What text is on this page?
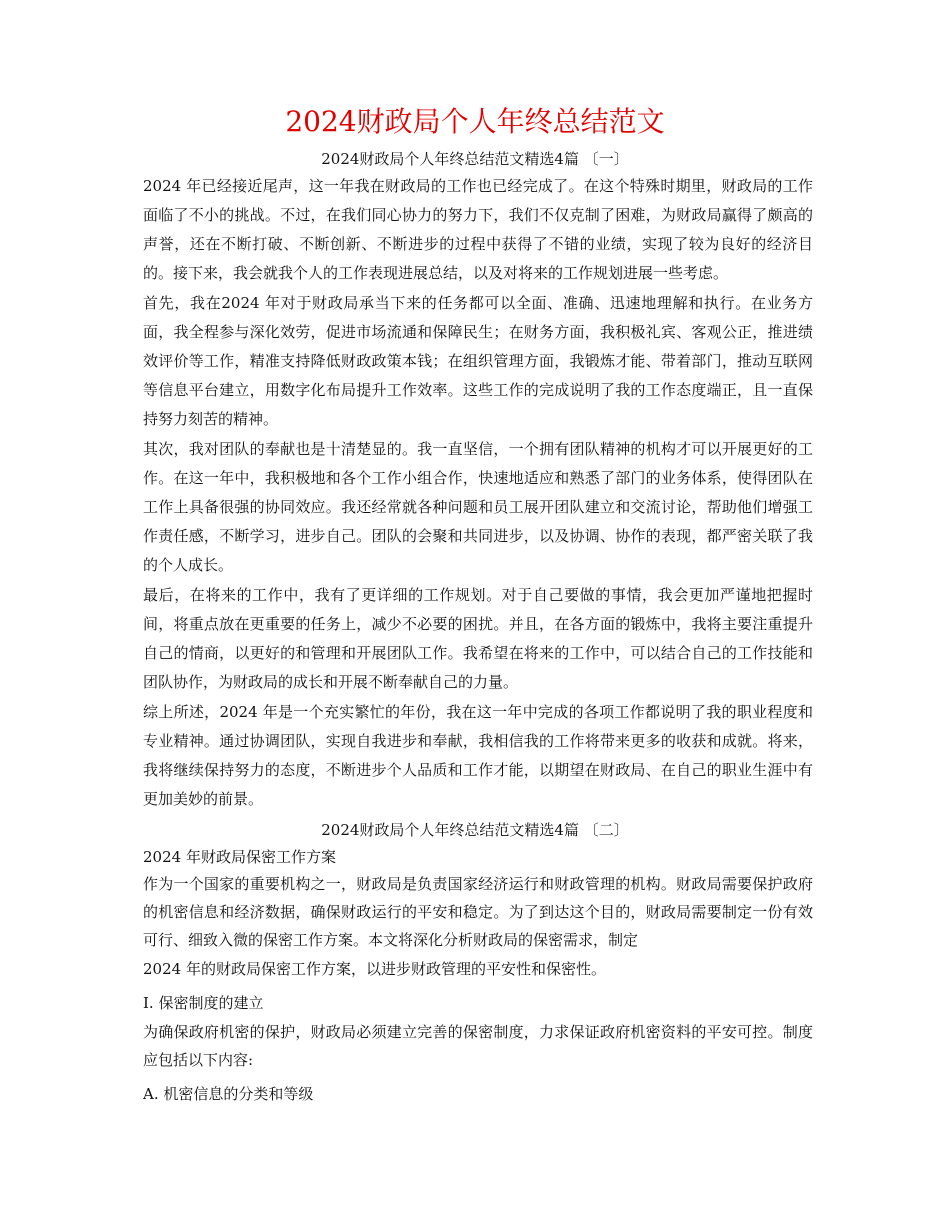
2024财政局个人年终总结范文
2024财政局个人年终总结范文精选4篇 〔一〕

2024 年已经接近尾声，这一年我在财政局的工作也已经完成了。在这个特殊时期里，财政局的工作面临了不小的挑战。不过，在我们同心协力的努力下，我们不仅克制了困难，为财政局赢得了颇高的声誉，还在不断打破、不断创新、不断进步的过程中获得了不错的业绩，实现了较为良好的经济目的。接下来，我会就我个人的工作表现进展总结，以及对将来的工作规划进展一些考虑。

首先，我在2024 年对于财政局承当下来的任务都可以全面、准确、迅速地理解和执行。在业务方面，我全程参与深化效劳，促进市场流通和保障民生；在财务方面，我积极礼宾、客观公正，推进绩效评价等工作，精准支持降低财政政策本钱；在组织管理方面，我锻炼才能、带着部门，推动互联网等信息平台建立，用数字化布局提升工作效率。这些工作的完成说明了我的工作态度端正，且一直保持努力刻苦的精神。

其次，我对团队的奉献也是十清楚显的。我一直坚信，一个拥有团队精神的机构才可以开展更好的工作。在这一年中，我积极地和各个工作小组合作，快速地适应和熟悉了部门的业务体系，使得团队在工作上具备很强的协同效应。我还经常就各种问题和员工展开团队建立和交流讨论，帮助他们增强工作责任感，不断学习，进步自己。团队的会聚和共同进步，以及协调、协作的表现，都严密关联了我的个人成长。

最后，在将来的工作中，我有了更详细的工作规划。对于自己要做的事情，我会更加严谨地把握时间，将重点放在更重要的任务上，减少不必要的困扰。并且，在各方面的锻炼中，我将主要注重提升自己的情商，以更好的和管理和开展团队工作。我希望在将来的工作中，可以结合自己的工作技能和团队协作，为财政局的成长和开展不断奉献自己的力量。

综上所述，2024 年是一个充实繁忙的年份，我在这一年中完成的各项工作都说明了我的职业程度和专业精神。通过协调团队，实现自我进步和奉献，我相信我的工作将带来更多的收获和成就。将来，我将继续保持努力的态度，不断进步个人品质和工作才能，以期望在财政局、在自己的职业生涯中有更加美妙的前景。

2024财政局个人年终总结范文精选4篇 〔二〕

2024 年财政局保密工作方案

作为一个国家的重要机构之一，财政局是负责国家经济运行和财政管理的机构。财政局需要保护政府的机密信息和经济数据，确保财政运行的平安和稳定。为了到达这个目的，财政局需要制定一份有效可行、细致入微的保密工作方案。本文将深化分析财政局的保密需求，制定

2024 年的财政局保密工作方案，以进步财政管理的平安性和保密性。

I. 保密制度的建立

为确保政府机密的保护，财政局必须建立完善的保密制度，力求保证政府机密资料的平安可控。制度应包括以下内容:

A. 机密信息的分类和等级
